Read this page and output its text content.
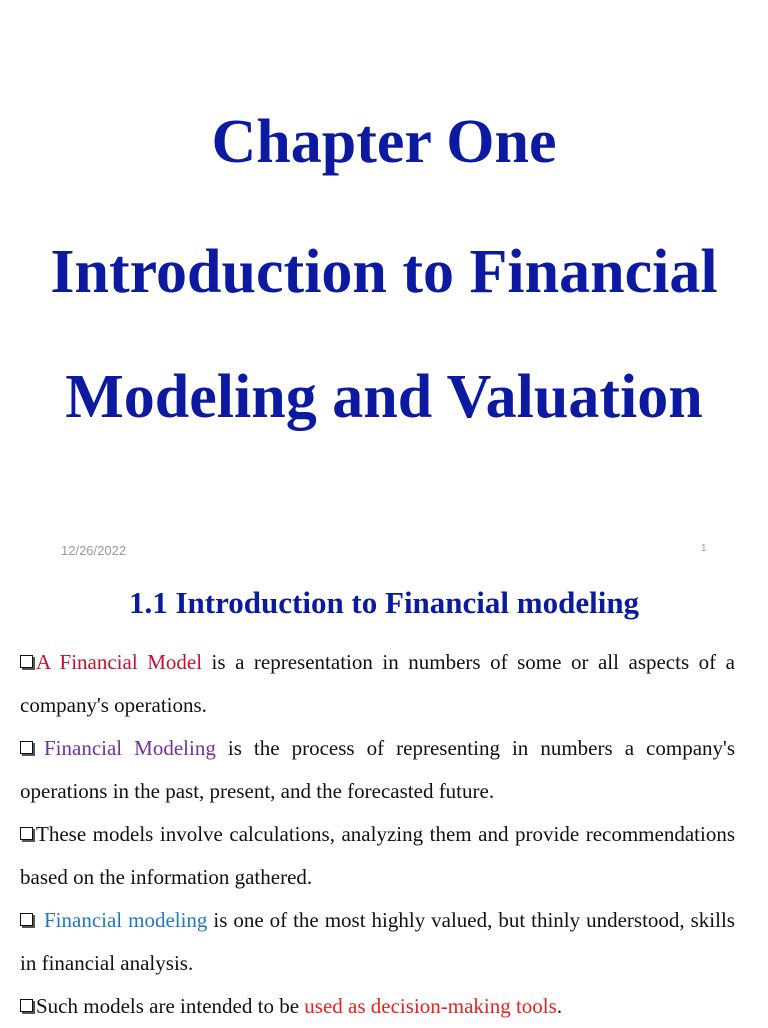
Chapter One
Introduction to Financial
Modeling and Valuation
12/26/2022	1
1.1 Introduction to Financial modeling

A Financial Model is a representation in numbers of some or all aspects of a company's operations.

Financial Modeling is the process of representing in numbers a company's operations in the past, present, and the forecasted future.

These models involve calculations, analyzing them and provide recommendations based on the information gathered.

Financial modeling is one of the most highly valued, but thinly understood, skills in financial analysis.

Such models are intended to be used as decision-making tools.
